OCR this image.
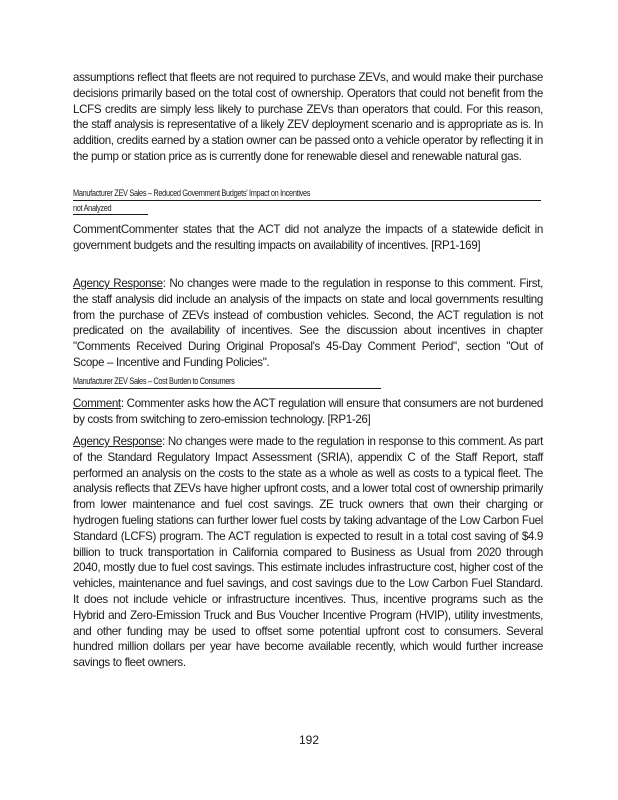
assumptions reflect that fleets are not required to purchase ZEVs, and would make their purchase decisions primarily based on the total cost of ownership. Operators that could not benefit from the LCFS credits are simply less likely to purchase ZEVs than operators that could. For this reason, the staff analysis is representative of a likely ZEV deployment scenario and is appropriate as is. In addition, credits earned by a station owner can be passed onto a vehicle operator by reflecting it in the pump or station price as is currently done for renewable diesel and renewable natural gas.

Manufacturer ZEV Sales – Reduced Government Budgets' Impact on Incentives
not Analyzed

CommentCommenter states that the ACT did not analyze the impacts of a statewide deficit in government budgets and the resulting impacts on availability of incentives. [RP1-169]

Agency Response: No changes were made to the regulation in response to this comment. First, the staff analysis did include an analysis of the impacts on state and local governments resulting from the purchase of ZEVs instead of combustion vehicles. Second, the ACT regulation is not predicated on the availability of incentives. See the discussion about incentives in chapter "Comments Received During Original Proposal's 45-Day Comment Period", section "Out of Scope – Incentive and Funding Policies".

Manufacturer ZEV Sales – Cost Burden to Consumers

Comment: Commenter asks how the ACT regulation will ensure that consumers are not burdened by costs from switching to zero-emission technology. [RP1-26]

Agency Response: No changes were made to the regulation in response to this comment. As part of the Standard Regulatory Impact Assessment (SRIA), appendix C of the Staff Report, staff performed an analysis on the costs to the state as a whole as well as costs to a typical fleet. The analysis reflects that ZEVs have higher upfront costs, and a lower total cost of ownership primarily from lower maintenance and fuel cost savings. ZE truck owners that own their charging or hydrogen fueling stations can further lower fuel costs by taking advantage of the Low Carbon Fuel Standard (LCFS) program. The ACT regulation is expected to result in a total cost saving of $4.9 billion to truck transportation in California compared to Business as Usual from 2020 through 2040, mostly due to fuel cost savings. This estimate includes infrastructure cost, higher cost of the vehicles, maintenance and fuel savings, and cost savings due to the Low Carbon Fuel Standard. It does not include vehicle or infrastructure incentives. Thus, incentive programs such as the Hybrid and Zero-Emission Truck and Bus Voucher Incentive Program (HVIP), utility investments, and other funding may be used to offset some potential upfront cost to consumers. Several hundred million dollars per year have become available recently, which would further increase savings to fleet owners.

192
